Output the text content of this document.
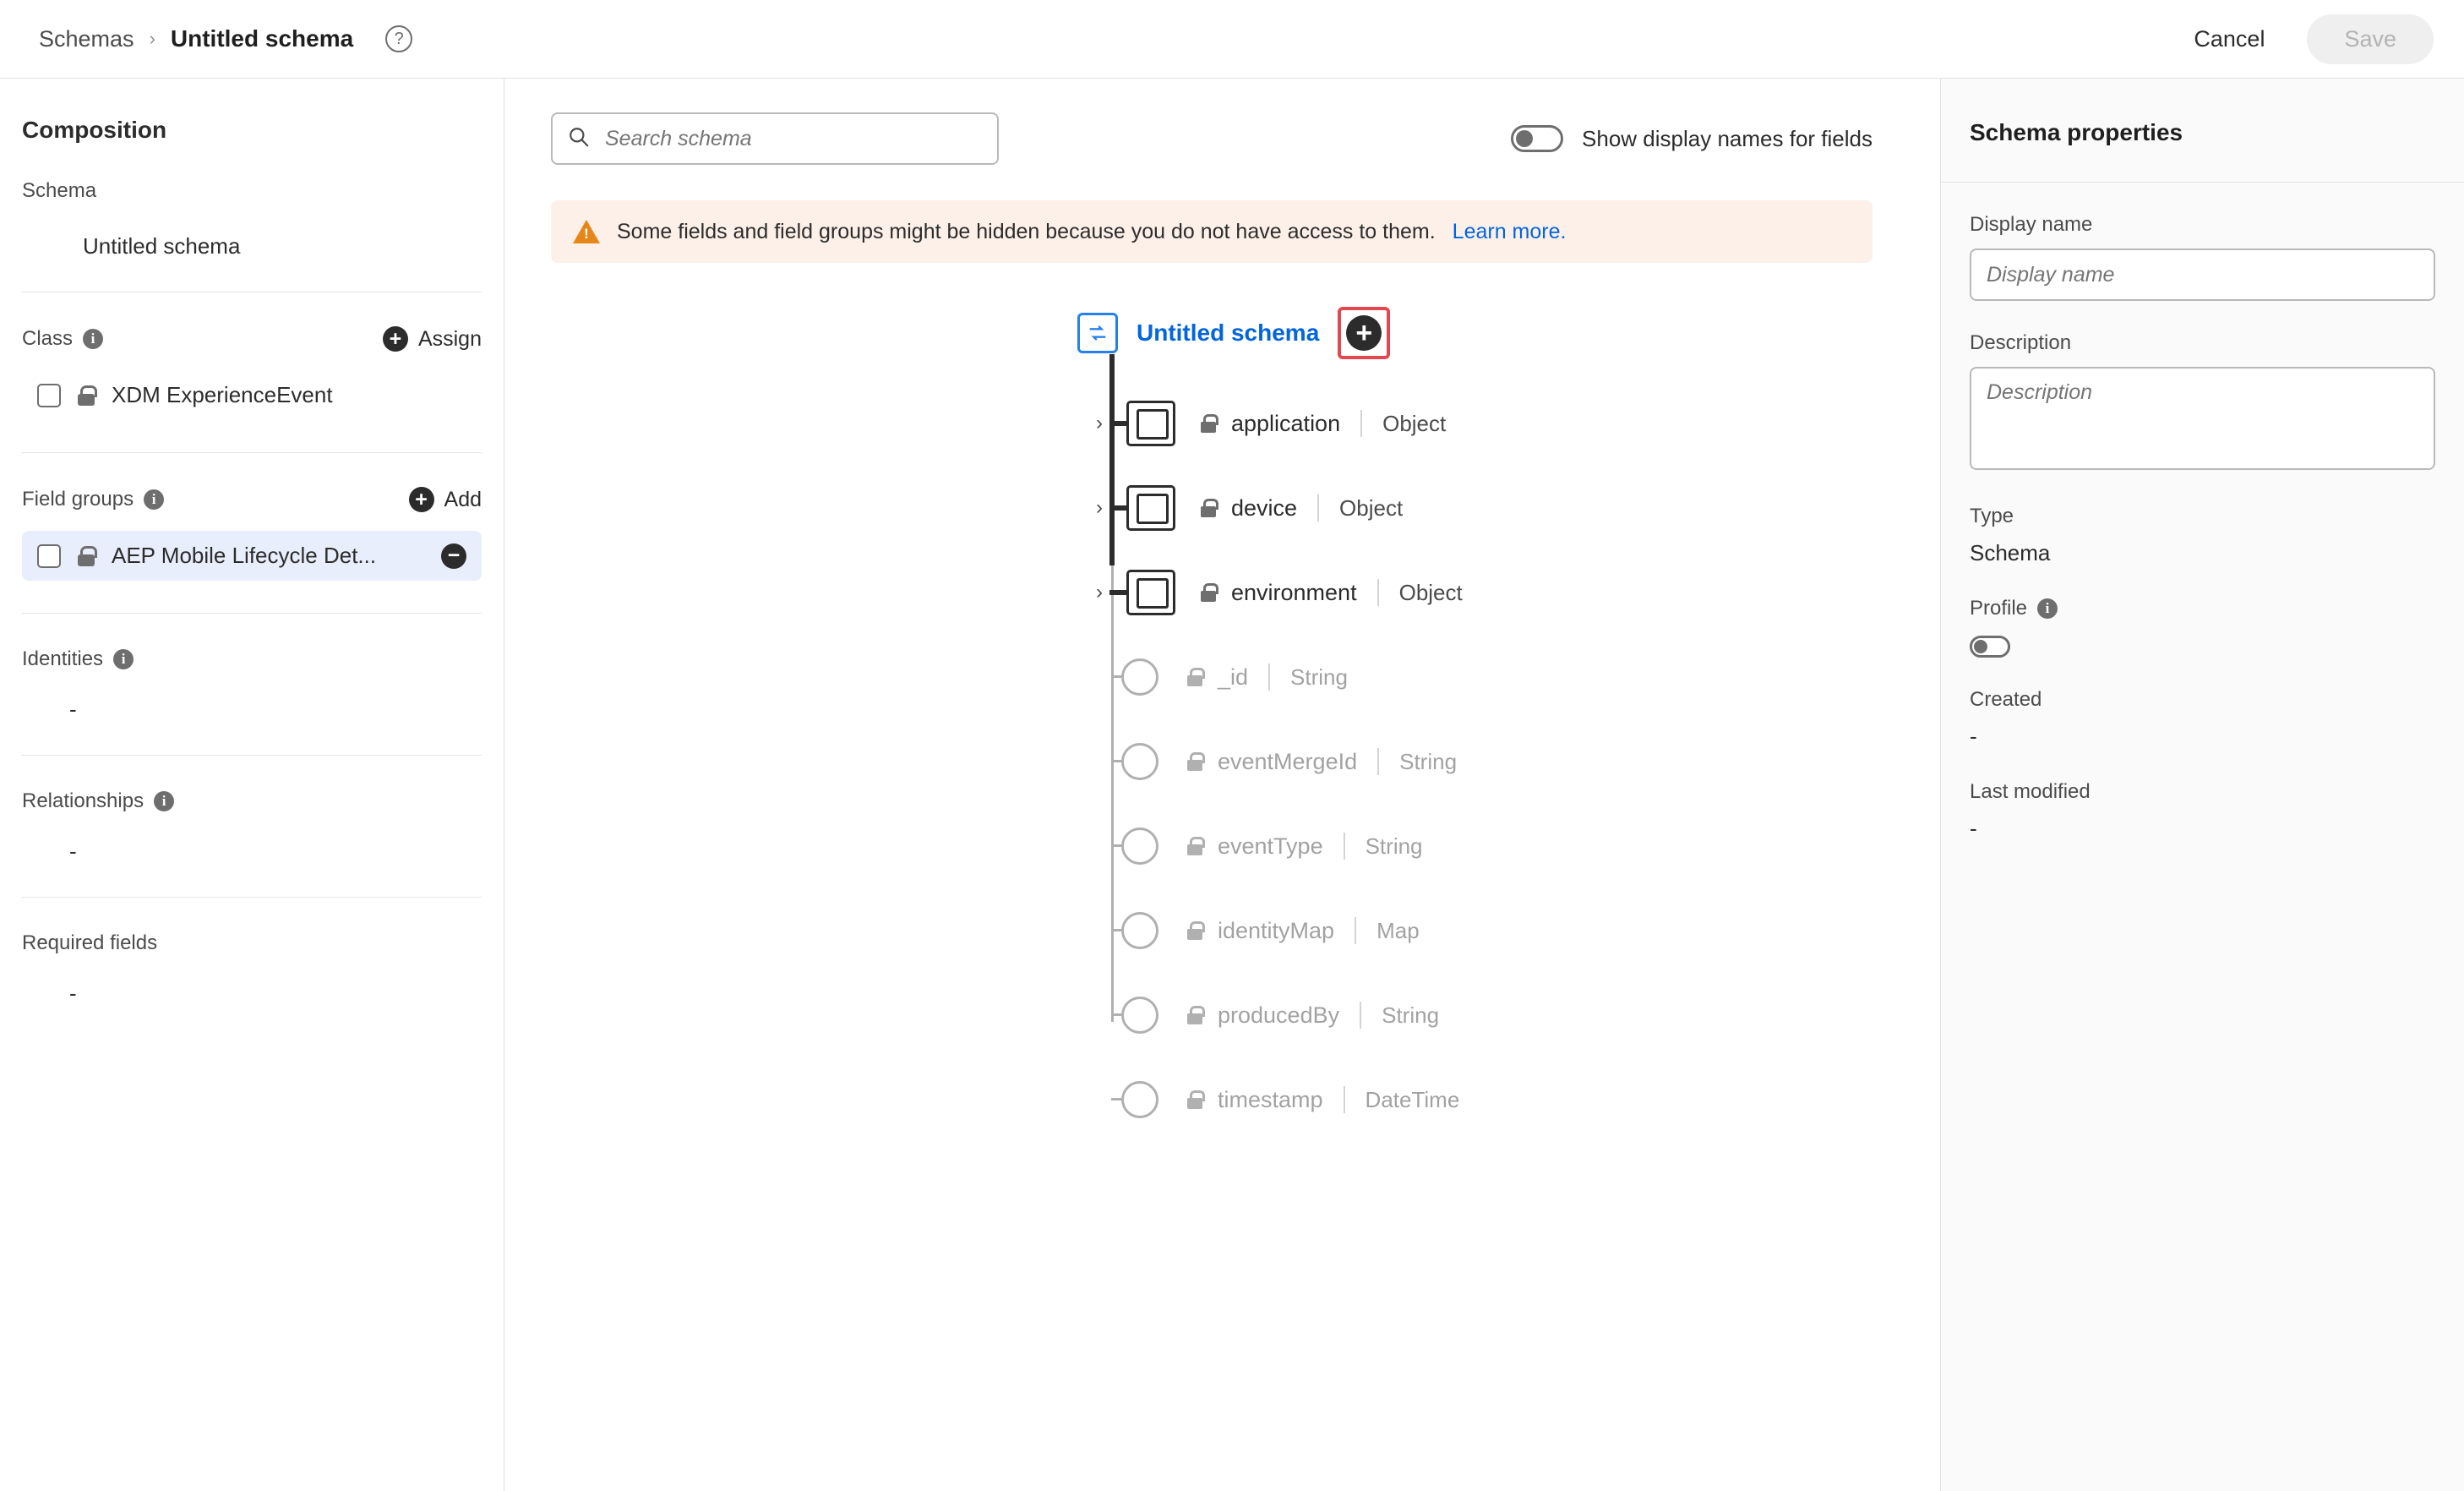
Schemas › Untitled schema	?	Cancel	Save
Composition
Schema
Untitled schema
Class	i	+ Assign
XDM ExperienceEvent
Field groups	i	+ Add
AEP Mobile Lifecycle Det...	−
Identities	i
-
Relationships	i
-
Required fields
-
Search schema
Show display names for fields
!
Some fields and field groups might be hidden because you do not have access to them. Learn more.
Untitled schema	+
›	application Object
›	device Object
›	environment Object
_id String
eventMergeId String
eventType String
identityMap Map
producedBy String
timestamp DateTime
Schema properties
Display name
Display name
Description
Description
Type
Schema
Profile	i
Created
-
Last modified
-
